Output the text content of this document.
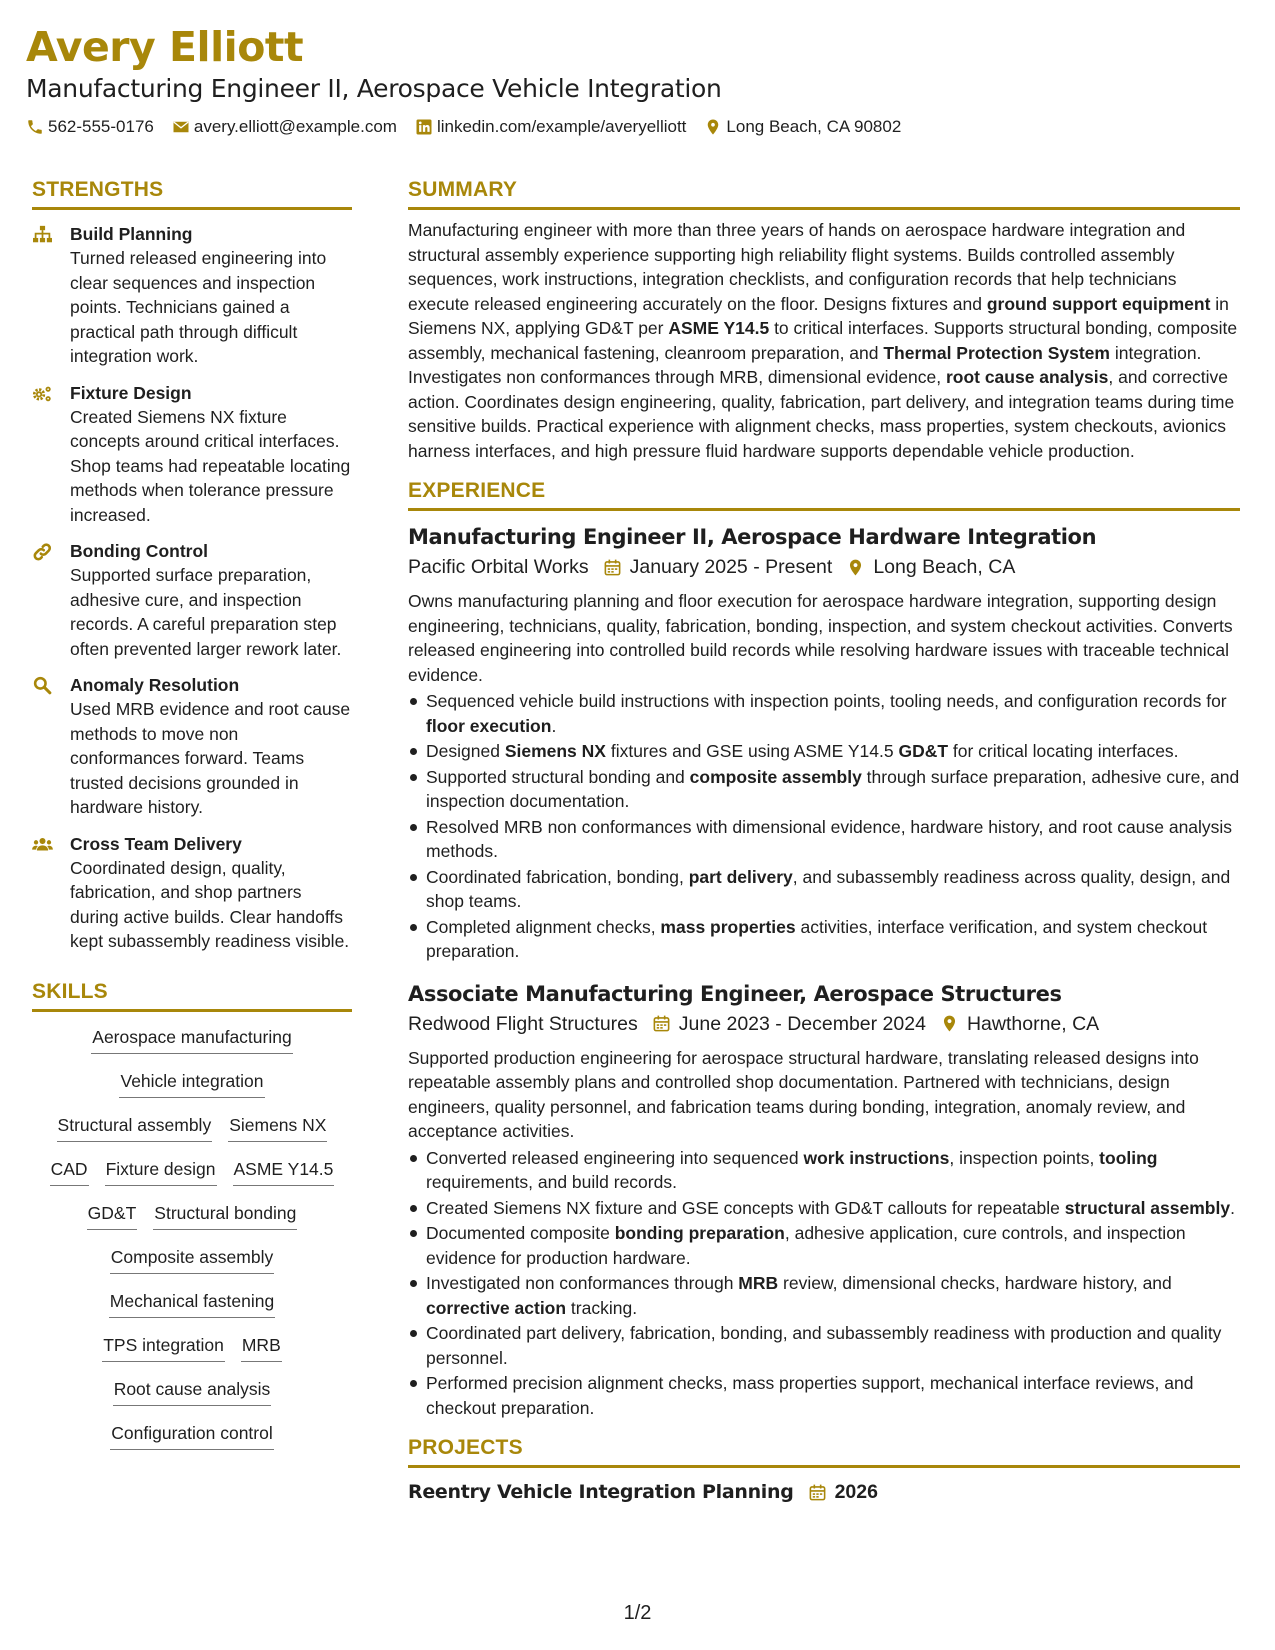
Avery Elliott
Manufacturing Engineer II, Aerospace Vehicle Integration
562-555-0176 avery.elliott@example.com linkedin.com/example/averyelliott Long Beach, CA 90802
STRENGTHS
Build Planning
Turned released engineering into clear sequences and inspection points. Technicians gained a practical path through difficult integration work.
Fixture Design
Created Siemens NX fixture concepts around critical interfaces. Shop teams had repeatable locating methods when tolerance pressure increased.
Bonding Control
Supported surface preparation, adhesive cure, and inspection records. A careful preparation step often prevented larger rework later.
Anomaly Resolution
Used MRB evidence and root cause methods to move non conformances forward. Teams trusted decisions grounded in hardware history.
Cross Team Delivery
Coordinated design, quality, fabrication, and shop partners during active builds. Clear handoffs kept subassembly readiness visible.
SKILLS
Aerospace manufacturing
Vehicle integration
Structural assembly Siemens NX
CAD Fixture design ASME Y14.5
GD&T Structural bonding
Composite assembly
Mechanical fastening
TPS integration MRB
Root cause analysis
Configuration control
SUMMARY
Manufacturing engineer with more than three years of hands on aerospace hardware integration and structural assembly experience supporting high reliability flight systems. Builds controlled assembly sequences, work instructions, integration checklists, and configuration records that help technicians execute released engineering accurately on the floor. Designs fixtures and ground support equipment in Siemens NX, applying GD&T per ASME Y14.5 to critical interfaces. Supports structural bonding, composite assembly, mechanical fastening, cleanroom preparation, and Thermal Protection System integration. Investigates non conformances through MRB, dimensional evidence, root cause analysis, and corrective action. Coordinates design engineering, quality, fabrication, part delivery, and integration teams during time sensitive builds. Practical experience with alignment checks, mass properties, system checkouts, avionics harness interfaces, and high pressure fluid hardware supports dependable vehicle production.
EXPERIENCE
Manufacturing Engineer II, Aerospace Hardware Integration
Pacific Orbital Works January 2025 - Present Long Beach, CA
Owns manufacturing planning and floor execution for aerospace hardware integration, supporting design engineering, technicians, quality, fabrication, bonding, inspection, and system checkout activities. Converts released engineering into controlled build records while resolving hardware issues with traceable technical evidence.
Sequenced vehicle build instructions with inspection points, tooling needs, and configuration records for floor execution.
Designed Siemens NX fixtures and GSE using ASME Y14.5 GD&T for critical locating interfaces.
Supported structural bonding and composite assembly through surface preparation, adhesive cure, and inspection documentation.
Resolved MRB non conformances with dimensional evidence, hardware history, and root cause analysis methods.
Coordinated fabrication, bonding, part delivery, and subassembly readiness across quality, design, and shop teams.
Completed alignment checks, mass properties activities, interface verification, and system checkout preparation.
Associate Manufacturing Engineer, Aerospace Structures
Redwood Flight Structures June 2023 - December 2024 Hawthorne, CA
Supported production engineering for aerospace structural hardware, translating released designs into repeatable assembly plans and controlled shop documentation. Partnered with technicians, design engineers, quality personnel, and fabrication teams during bonding, integration, anomaly review, and acceptance activities.
Converted released engineering into sequenced work instructions, inspection points, tooling requirements, and build records.
Created Siemens NX fixture and GSE concepts with GD&T callouts for repeatable structural assembly.
Documented composite bonding preparation, adhesive application, cure controls, and inspection evidence for production hardware.
Investigated non conformances through MRB review, dimensional checks, hardware history, and corrective action tracking.
Coordinated part delivery, fabrication, bonding, and subassembly readiness with production and quality personnel.
Performed precision alignment checks, mass properties support, mechanical interface reviews, and checkout preparation.
PROJECTS
Reentry Vehicle Integration Planning 2026
1/2
